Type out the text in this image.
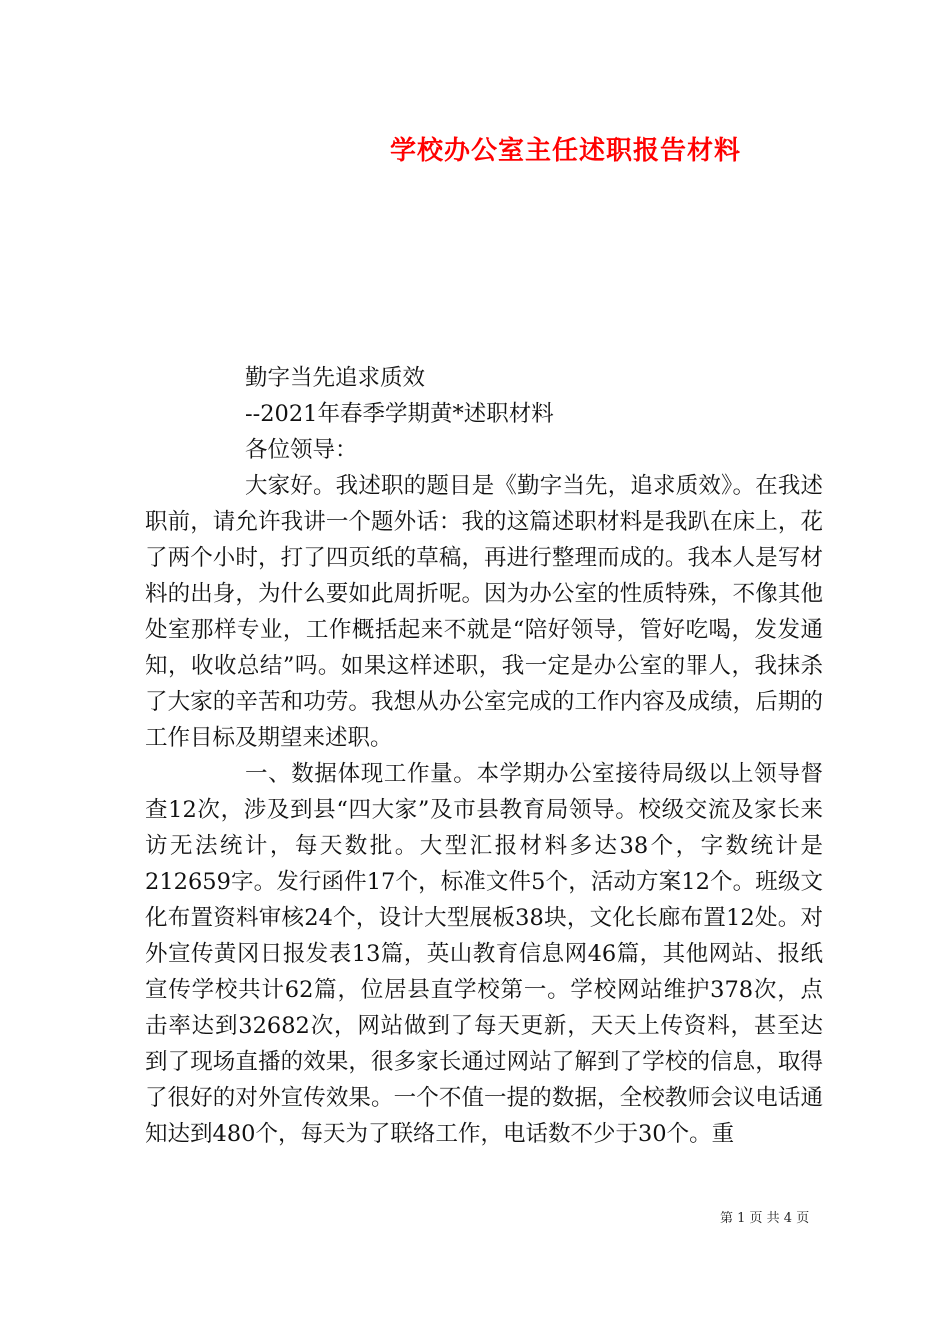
学校办公室主任述职报告材料

勤字当先追求质效

--2021年春季学期黄*述职材料

各位领导：

大家好。我述职的题目是《勤字当先，追求质效》。在我述职前，请允许我讲一个题外话：我的这篇述职材料是我趴在床上，花了两个小时，打了四页纸的草稿，再进行整理而成的。我本人是写材料的出身，为什么要如此周折呢。因为办公室的性质特殊，不像其他处室那样专业，工作概括起来不就是“陪好领导，管好吃喝，发发通知，收收总结”吗。如果这样述职，我一定是办公室的罪人，我抹杀了大家的辛苦和功劳。我想从办公室完成的工作内容及成绩，后期的工作目标及期望来述职。

一、数据体现工作量。本学期办公室接待局级以上领导督查12次，涉及到县“四大家”及市县教育局领导。校级交流及家长来访无法统计，每天数批。大型汇报材料多达38个，字数统计是212659字。发行函件17个，标准文件5个，活动方案12个。班级文化布置资料审核24个，设计大型展板38块，文化长廊布置12处。对外宣传黄冈日报发表13篇，英山教育信息网46篇，其他网站、报纸宣传学校共计62篇，位居县直学校第一。学校网站维护378次，点击率达到32682次，网站做到了每天更新，天天上传资料，甚至达到了现场直播的效果，很多家长通过网站了解到了学校的信息，取得了很好的对外宣传效果。一个不值一提的数据，全校教师会议电话通知达到480个，每天为了联络工作，电话数不少于30个。重

第 1 页 共 4 页
